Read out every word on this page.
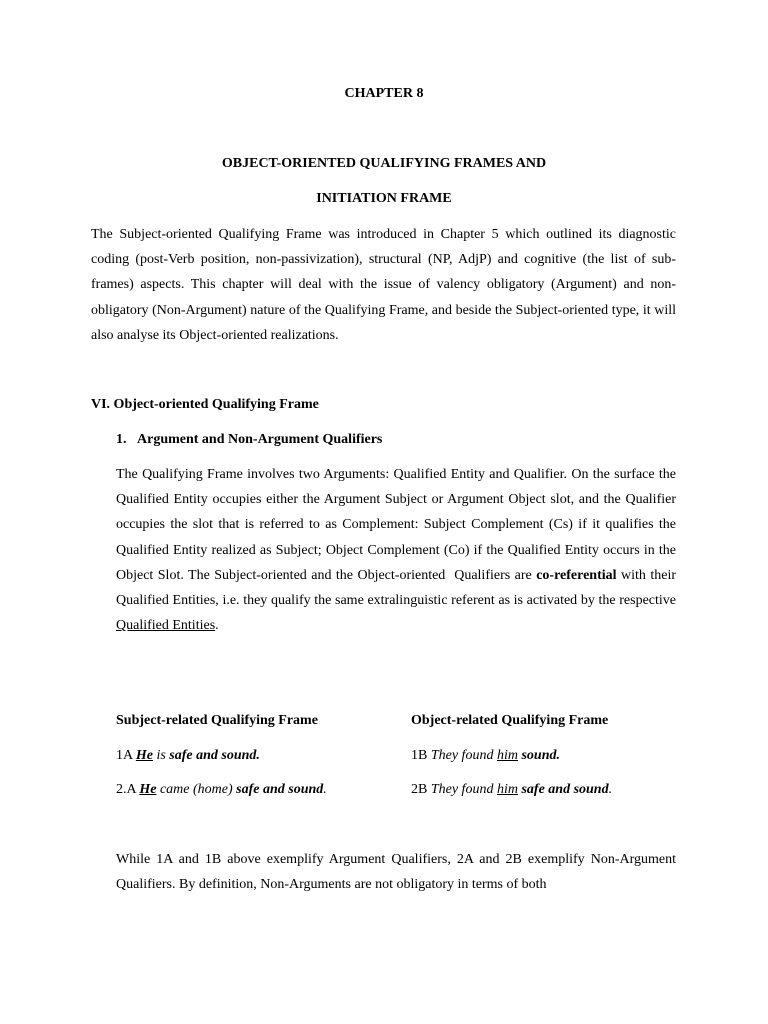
CHAPTER 8
OBJECT-ORIENTED QUALIFYING FRAMES AND
INITIATION FRAME

The Subject-oriented Qualifying Frame was introduced in Chapter 5 which outlined its diagnostic coding (post-Verb position, non-passivization), structural (NP, AdjP) and cognitive (the list of sub-frames) aspects. This chapter will deal with the issue of valency obligatory (Argument) and non-obligatory (Non-Argument) nature of the Qualifying Frame, and beside the Subject-oriented type, it will also analyse its Object-oriented realizations.

VI. Object-oriented Qualifying Frame

1.   Argument and Non-Argument Qualifiers

The Qualifying Frame involves two Arguments: Qualified Entity and Qualifier. On the surface the Qualified Entity occupies either the Argument Subject or Argument Object slot, and the Qualifier occupies the slot that is referred to as Complement: Subject Complement (Cs) if it qualifies the Qualified Entity realized as Subject; Object Complement (Co) if the Qualified Entity occurs in the Object Slot. The Subject-oriented and the Object-oriented  Qualifiers are co-referential with their Qualified Entities, i.e. they qualify the same extralinguistic referent as is activated by the respective Qualified Entities.

Subject-related Qualifying Frame	Object-related Qualifying Frame
1A He is safe and sound.
2.A He came (home) safe and sound.
1B They found him sound.
2B They found him safe and sound.

While 1A and 1B above exemplify Argument Qualifiers, 2A and 2B exemplify Non-Argument Qualifiers. By definition, Non-Arguments are not obligatory in terms of both
